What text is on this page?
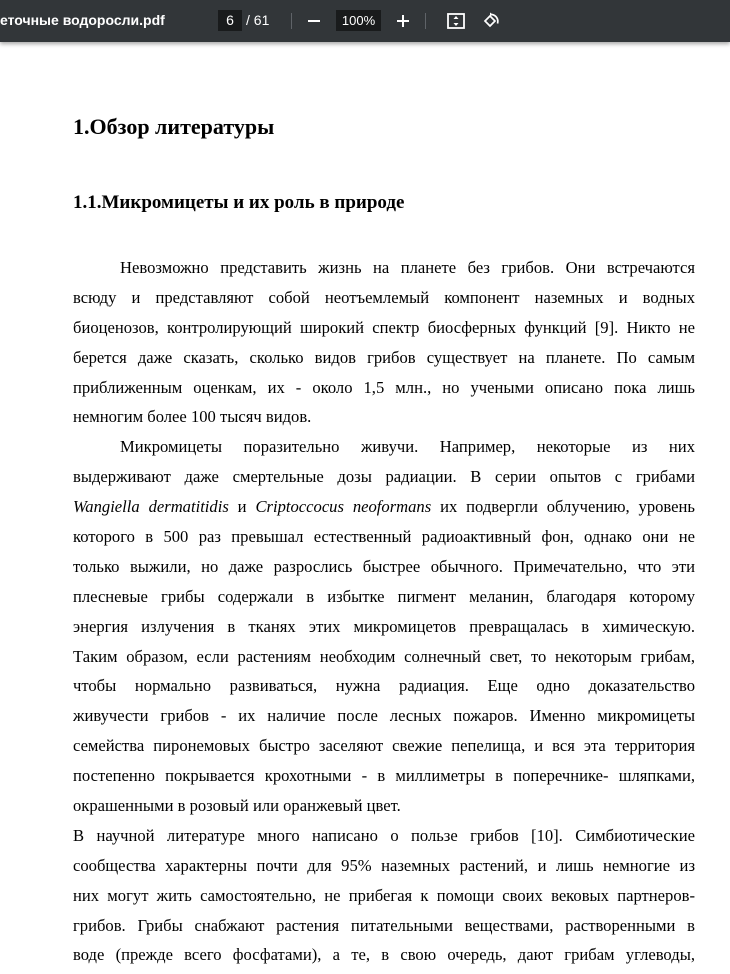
еточные водоросли.pdf	6 / 61	100%
1.Обзор литературы
1.1.Микромицеты и их роль в природе
Невозможно представить жизнь на планете без грибов. Они встречаются
всюду и представляют собой неотъемлемый компонент наземных и водных
биоценозов, контролирующий широкий спектр биосферных функций [9]. Никто не
берется даже сказать, сколько видов грибов существует на планете. По самым
приближенным оценкам, их - около 1,5 млн., но учеными описано пока лишь
немногим более 100 тысяч видов.
Микромицеты поразительно живучи. Например, некоторые из них
выдерживают даже смертельные дозы радиации. В серии опытов с грибами
Wangiella dermatitidis и Criptoccocus neoformans их подвергли облучению, уровень
которого в 500 раз превышал естественный радиоактивный фон, однако они не
только выжили, но даже разрослись быстрее обычного. Примечательно, что эти
плесневые грибы содержали в избытке пигмент меланин, благодаря которому
энергия излучения в тканях этих микромицетов превращалась в химическую.
Таким образом, если растениям необходим солнечный свет, то некоторым грибам,
чтобы нормально развиваться, нужна радиация. Еще одно доказательство
живучести грибов - их наличие после лесных пожаров. Именно микромицеты
семейства пиронемовых быстро заселяют свежие пепелища, и вся эта территория
постепенно покрывается крохотными - в миллиметры в поперечнике- шляпками,
окрашенными в розовый или оранжевый цвет.
В научной литературе много написано о пользе грибов [10]. Симбиотические
сообщества характерны почти для 95% наземных растений, и лишь немногие из
них могут жить самостоятельно, не прибегая к помощи своих вековых партнеров-
грибов. Грибы снабжают растения питательными веществами, растворенными в
воде (прежде всего фосфатами), а те, в свою очередь, дают грибам углеводы,
